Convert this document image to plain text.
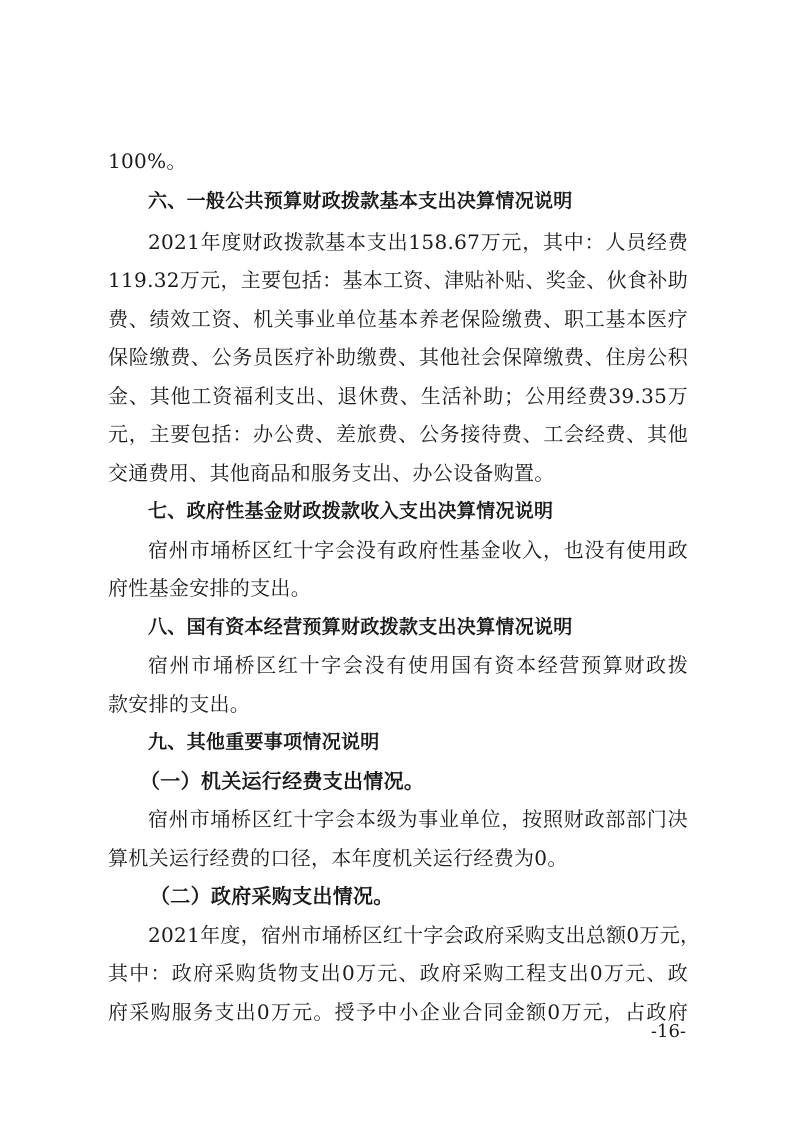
100%。
六、一般公共预算财政拨款基本支出决算情况说明
2021年度财政拨款基本支出158.67万元，其中：人员经费
119.32万元，主要包括：基本工资、津贴补贴、奖金、伙食补助
费、绩效工资、机关事业单位基本养老保险缴费、职工基本医疗
保险缴费、公务员医疗补助缴费、其他社会保障缴费、住房公积
金、其他工资福利支出、退休费、生活补助；公用经费39.35万
元，主要包括：办公费、差旅费、公务接待费、工会经费、其他
交通费用、其他商品和服务支出、办公设备购置。
七、政府性基金财政拨款收入支出决算情况说明
宿州市埇桥区红十字会没有政府性基金收入，也没有使用政
府性基金安排的支出。
八、国有资本经营预算财政拨款支出决算情况说明
宿州市埇桥区红十字会没有使用国有资本经营预算财政拨
款安排的支出。
九、其他重要事项情况说明
（一）机关运行经费支出情况。
宿州市埇桥区红十字会本级为事业单位，按照财政部部门决
算机关运行经费的口径，本年度机关运行经费为0。
（二）政府采购支出情况。
2021年度，宿州市埇桥区红十字会政府采购支出总额0万元，
其中：政府采购货物支出0万元、政府采购工程支出0万元、政
府采购服务支出0万元。授予中小企业合同金额0万元，占政府
-16-
